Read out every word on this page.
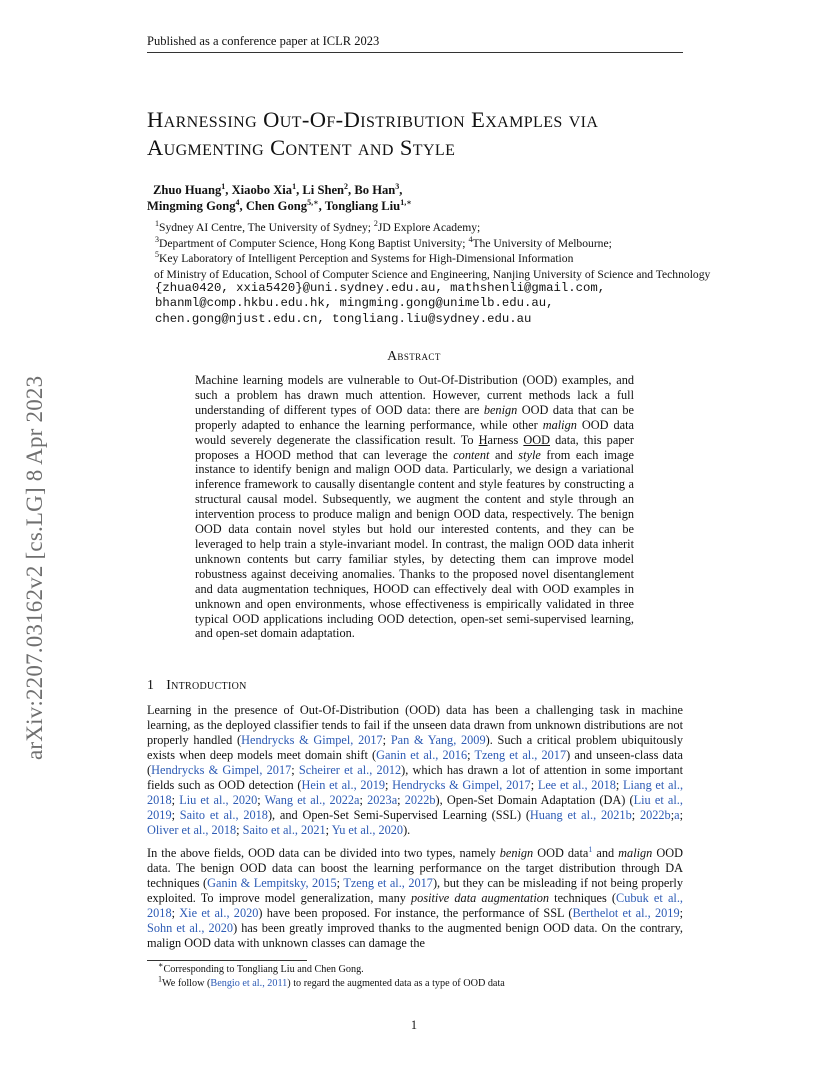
Published as a conference paper at ICLR 2023
arXiv:2207.03162v2 [cs.LG] 8 Apr 2023
Harnessing Out-Of-Distribution Examples via
Augmenting Content and Style
Zhuo Huang$^1$, Xiaobo Xia$^1$, Li Shen$^2$, Bo Han$^3$,
Mingming Gong$^4$, Chen Gong$^{5,∗}$, Tongliang Liu$^{1,∗}$
$^1$Sydney AI Centre, The University of Sydney; $^2$JD Explore Academy;
$^3$Department of Computer Science, Hong Kong Baptist University; $^4$The University of Melbourne;
$^5$Key Laboratory of Intelligent Perception and Systems for High-Dimensional Information
of Ministry of Education, School of Computer Science and Engineering, Nanjing University of Science and Technology
{zhua0420, xxia5420}@uni.sydney.edu.au, mathshenli@gmail.com,
bhanml@comp.hkbu.edu.hk, mingming.gong@unimelb.edu.au,
chen.gong@njust.edu.cn, tongliang.liu@sydney.edu.au
Abstract
Machine learning models are vulnerable to Out-Of-Distribution (OOD) examples, and such a problem has drawn much attention. However, current methods lack a full understanding of different types of OOD data: there are benign OOD data that can be properly adapted to enhance the learning performance, while other malign OOD data would severely degenerate the classification result. To Harness OOD data, this paper proposes a HOOD method that can leverage the content and style from each image instance to identify benign and malign OOD data. Particularly, we design a variational inference framework to causally disentangle content and style features by constructing a structural causal model. Subsequently, we augment the content and style through an intervention process to produce malign and benign OOD data, respectively. The benign OOD data contain novel styles but hold our interested contents, and they can be leveraged to help train a style-invariant model. In contrast, the malign OOD data inherit unknown contents but carry familiar styles, by detecting them can improve model robustness against deceiving anomalies. Thanks to the proposed novel disentanglement and data augmentation techniques, HOOD can effectively deal with OOD examples in unknown and open environments, whose effectiveness is empirically validated in three typical OOD applications including OOD detection, open-set semi-supervised learning, and open-set domain adaptation.
1 Introduction
Learning in the presence of Out-Of-Distribution (OOD) data has been a challenging task in machine learning, as the deployed classifier tends to fail if the unseen data drawn from unknown distributions are not properly handled (Hendrycks & Gimpel, 2017; Pan & Yang, 2009). Such a critical problem ubiquitously exists when deep models meet domain shift (Ganin et al., 2016; Tzeng et al., 2017) and unseen-class data (Hendrycks & Gimpel, 2017; Scheirer et al., 2012), which has drawn a lot of attention in some important fields such as OOD detection (Hein et al., 2019; Hendrycks & Gimpel, 2017; Lee et al., 2018; Liang et al., 2018; Liu et al., 2020; Wang et al., 2022a; 2023a; 2022b), Open-Set Domain Adaptation (DA) (Liu et al., 2019; Saito et al., 2018), and Open-Set Semi-Supervised Learning (SSL) (Huang et al., 2021b; 2022b;a; Oliver et al., 2018; Saito et al., 2021; Yu et al., 2020).
In the above fields, OOD data can be divided into two types, namely benign OOD data$^1$ and malign OOD data. The benign OOD data can boost the learning performance on the target distribution through DA techniques (Ganin & Lempitsky, 2015; Tzeng et al., 2017), but they can be misleading if not being properly exploited. To improve model generalization, many positive data augmentation techniques (Cubuk et al., 2018; Xie et al., 2020) have been proposed. For instance, the performance of SSL (Berthelot et al., 2019; Sohn et al., 2020) has been greatly improved thanks to the augmented benign OOD data. On the contrary, malign OOD data with unknown classes can damage the
∗Corresponding to Tongliang Liu and Chen Gong.
$^1$We follow (Bengio et al., 2011) to regard the augmented data as a type of OOD data
1
